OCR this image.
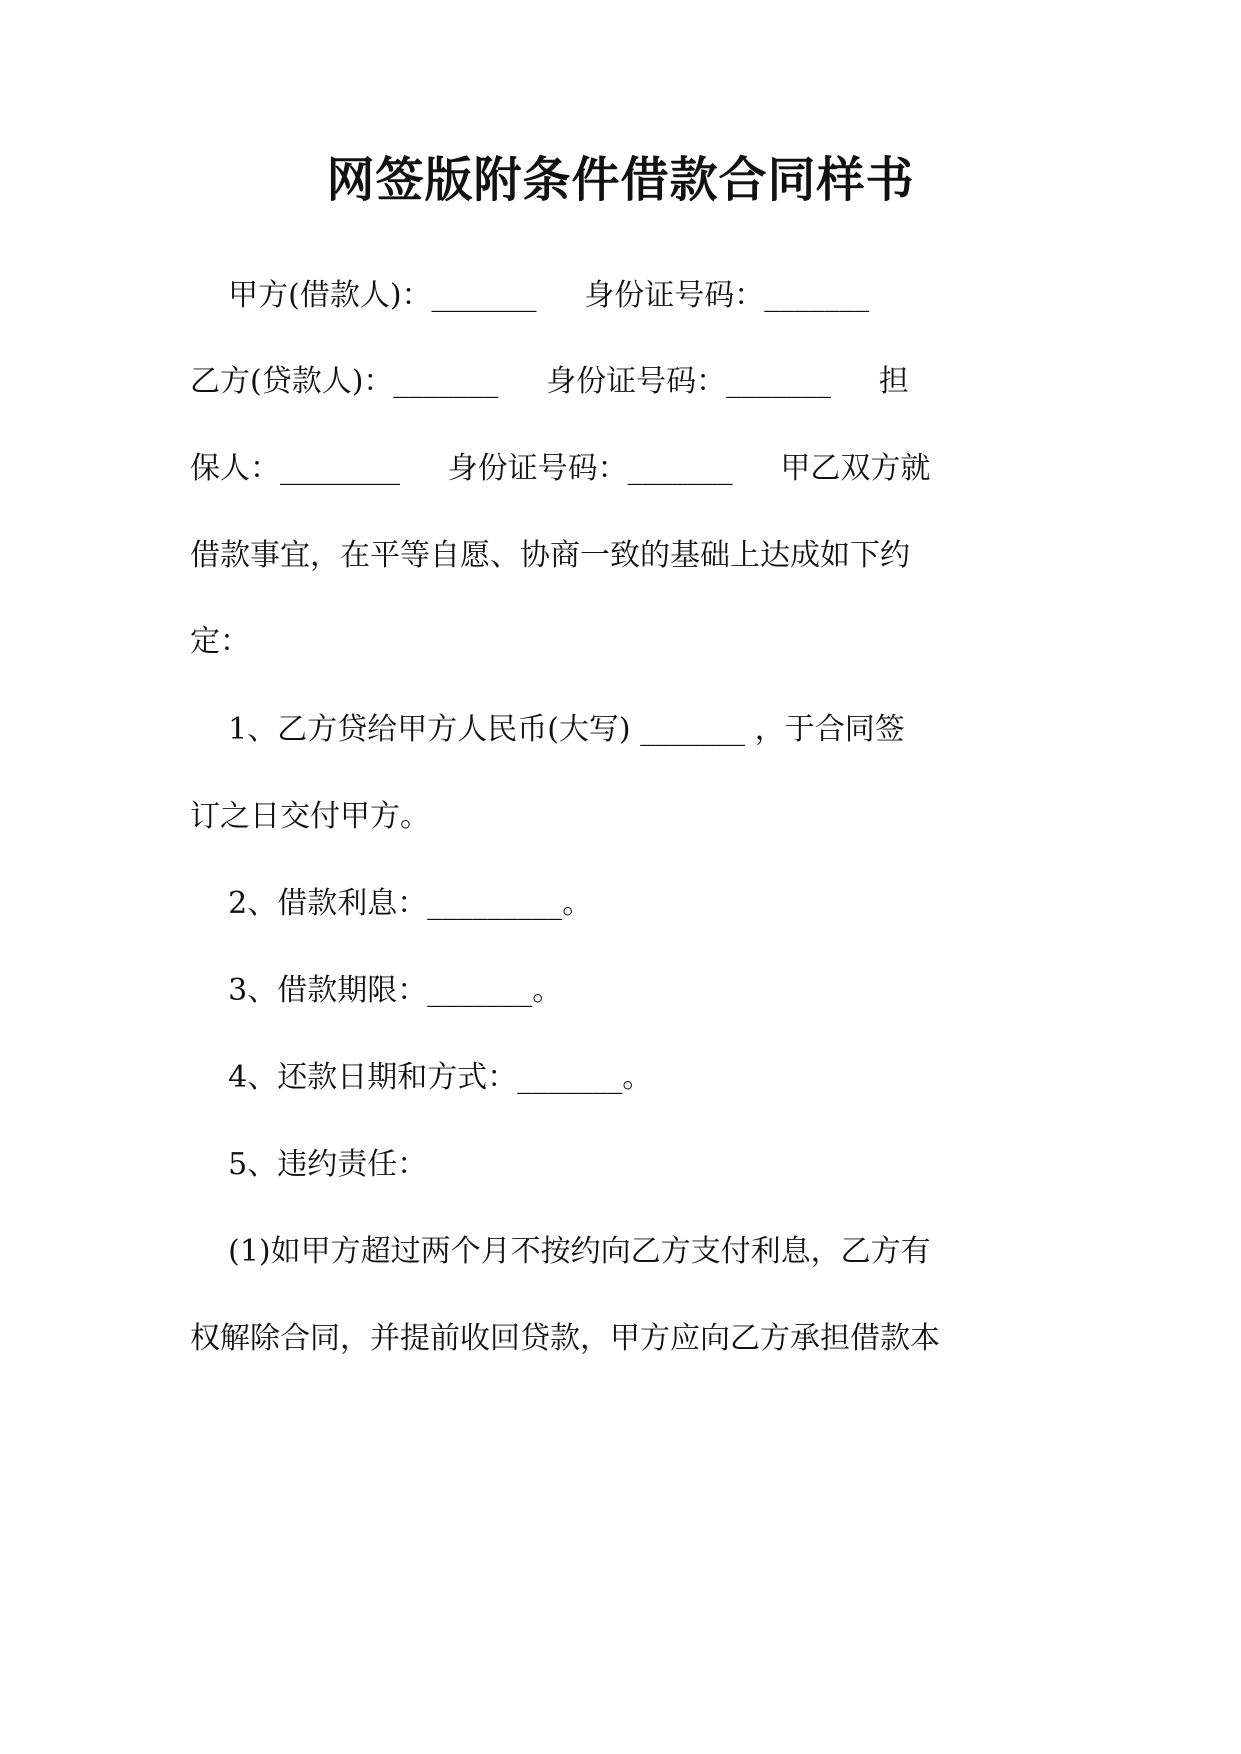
网签版附条件借款合同样书
甲方(借款人)：_______     身份证号码：_______
乙方(贷款人)：_______     身份证号码：_______     担
保人：________     身份证号码：_______     甲乙双方就
借款事宜，在平等自愿、协商一致的基础上达成如下约
定：
1、乙方贷给甲方人民币(大写) _______ ，于合同签
订之日交付甲方。
2、借款利息：_________。
3、借款期限：_______。
4、还款日期和方式：_______。
5、违约责任：
(1)如甲方超过两个月不按约向乙方支付利息，乙方有
权解除合同，并提前收回贷款，甲方应向乙方承担借款本
